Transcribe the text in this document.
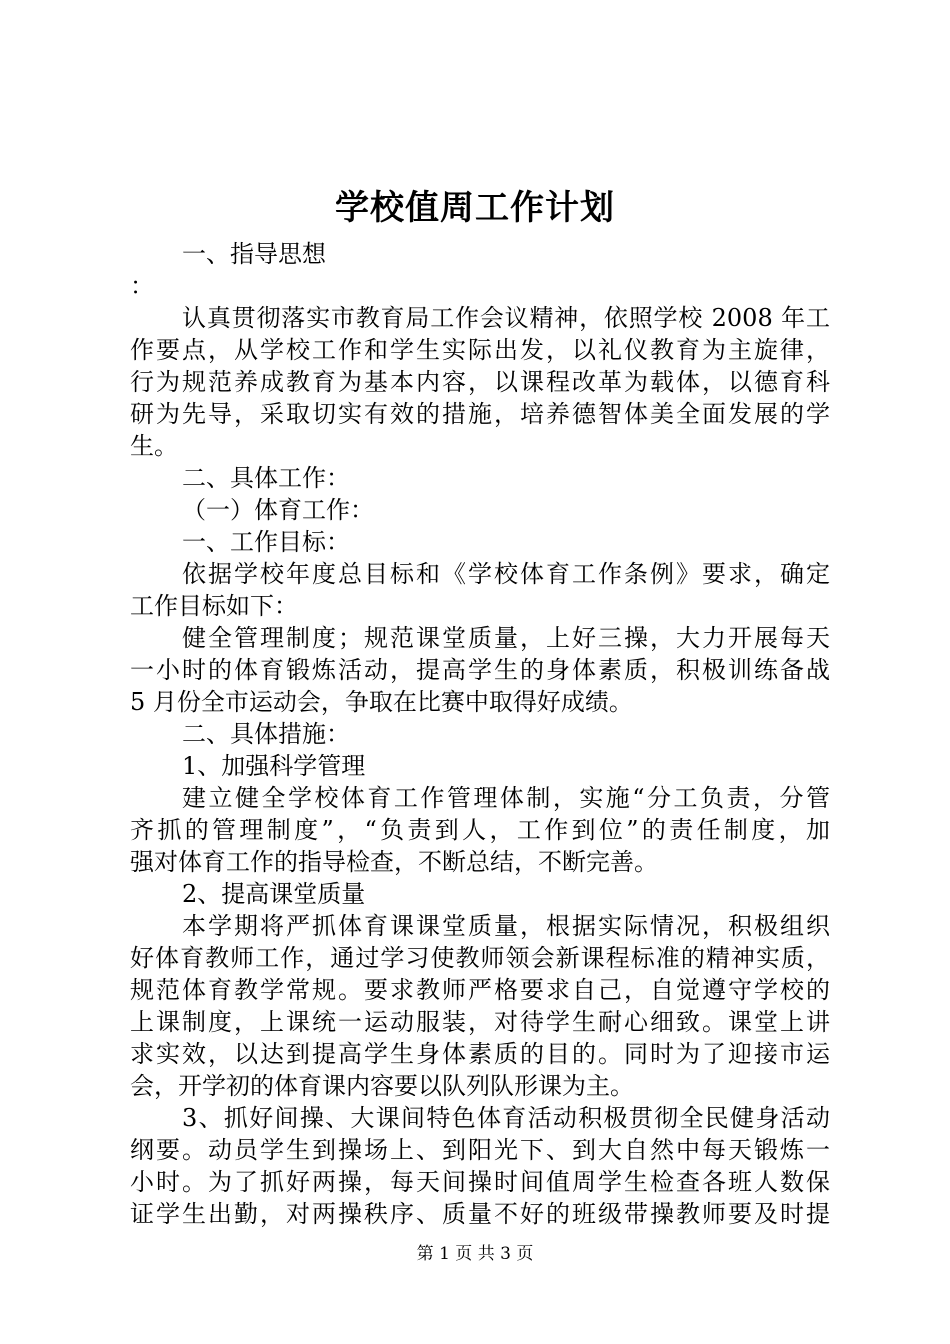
学校值周工作计划
一、指导思想
：
认真贯彻落实市教育局工作会议精神，依照学校 2008 年工
作要点，从学校工作和学生实际出发，以礼仪教育为主旋律，
行为规范养成教育为基本内容，以课程改革为载体，以德育科
研为先导，采取切实有效的措施，培养德智体美全面发展的学
生。
二、具体工作：
（一）体育工作：
一、工作目标：
依据学校年度总目标和《学校体育工作条例》要求，确定
工作目标如下：
健全管理制度；规范课堂质量，上好三操，大力开展每天
一小时的体育锻炼活动，提高学生的身体素质，积极训练备战
5 月份全市运动会，争取在比赛中取得好成绩。
二、具体措施：
1、加强科学管理
建立健全学校体育工作管理体制，实施“分工负责，分管
齐抓的管理制度”，“负责到人，工作到位”的责任制度，加
强对体育工作的指导检查，不断总结，不断完善。
2、提高课堂质量
本学期将严抓体育课课堂质量，根据实际情况，积极组织
好体育教师工作，通过学习使教师领会新课程标准的精神实质，
规范体育教学常规。要求教师严格要求自己，自觉遵守学校的
上课制度，上课统一运动服装，对待学生耐心细致。课堂上讲
求实效，以达到提高学生身体素质的目的。同时为了迎接市运
会，开学初的体育课内容要以队列队形课为主。
3、抓好间操、大课间特色体育活动积极贯彻全民健身活动
纲要。动员学生到操场上、到阳光下、到大自然中每天锻炼一
小时。为了抓好两操，每天间操时间值周学生检查各班人数保
证学生出勤，对两操秩序、质量不好的班级带操教师要及时提
第 1 页 共 3 页
